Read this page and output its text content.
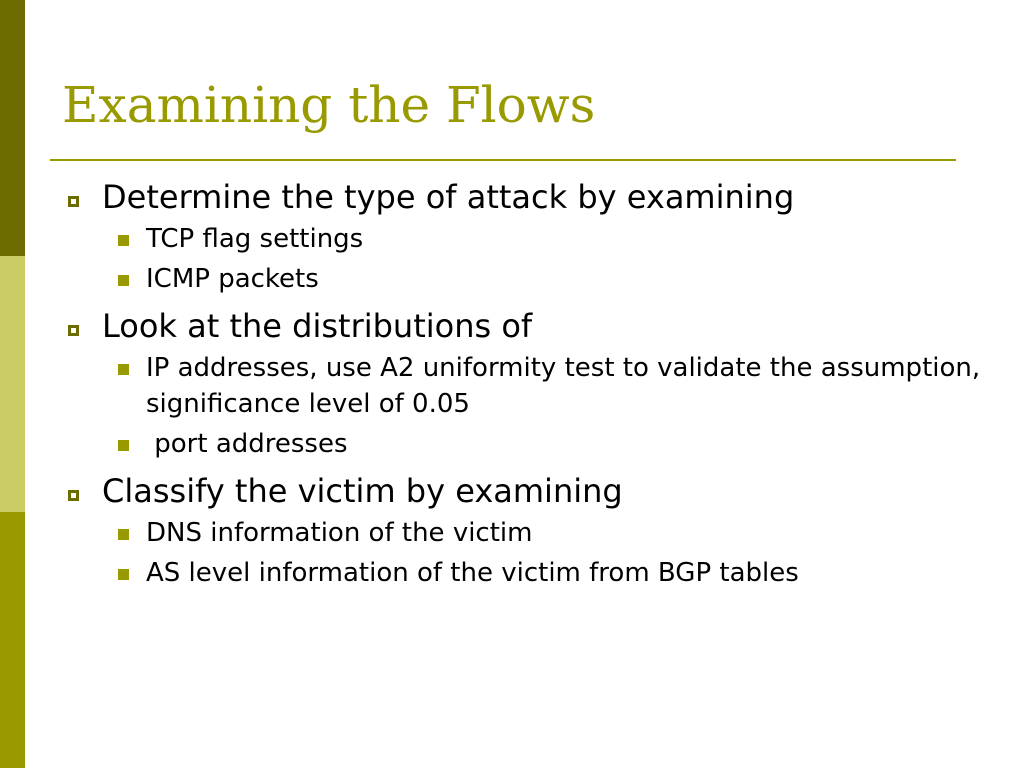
Examining the Flows
Determine the type of attack by examining
TCP flag settings
ICMP packets
Look at the distributions of
IP addresses, use A2 uniformity test to validate the assumption, significance level of 0.05
port addresses
Classify the victim by examining
DNS information of the victim
AS level information of the victim from BGP tables
